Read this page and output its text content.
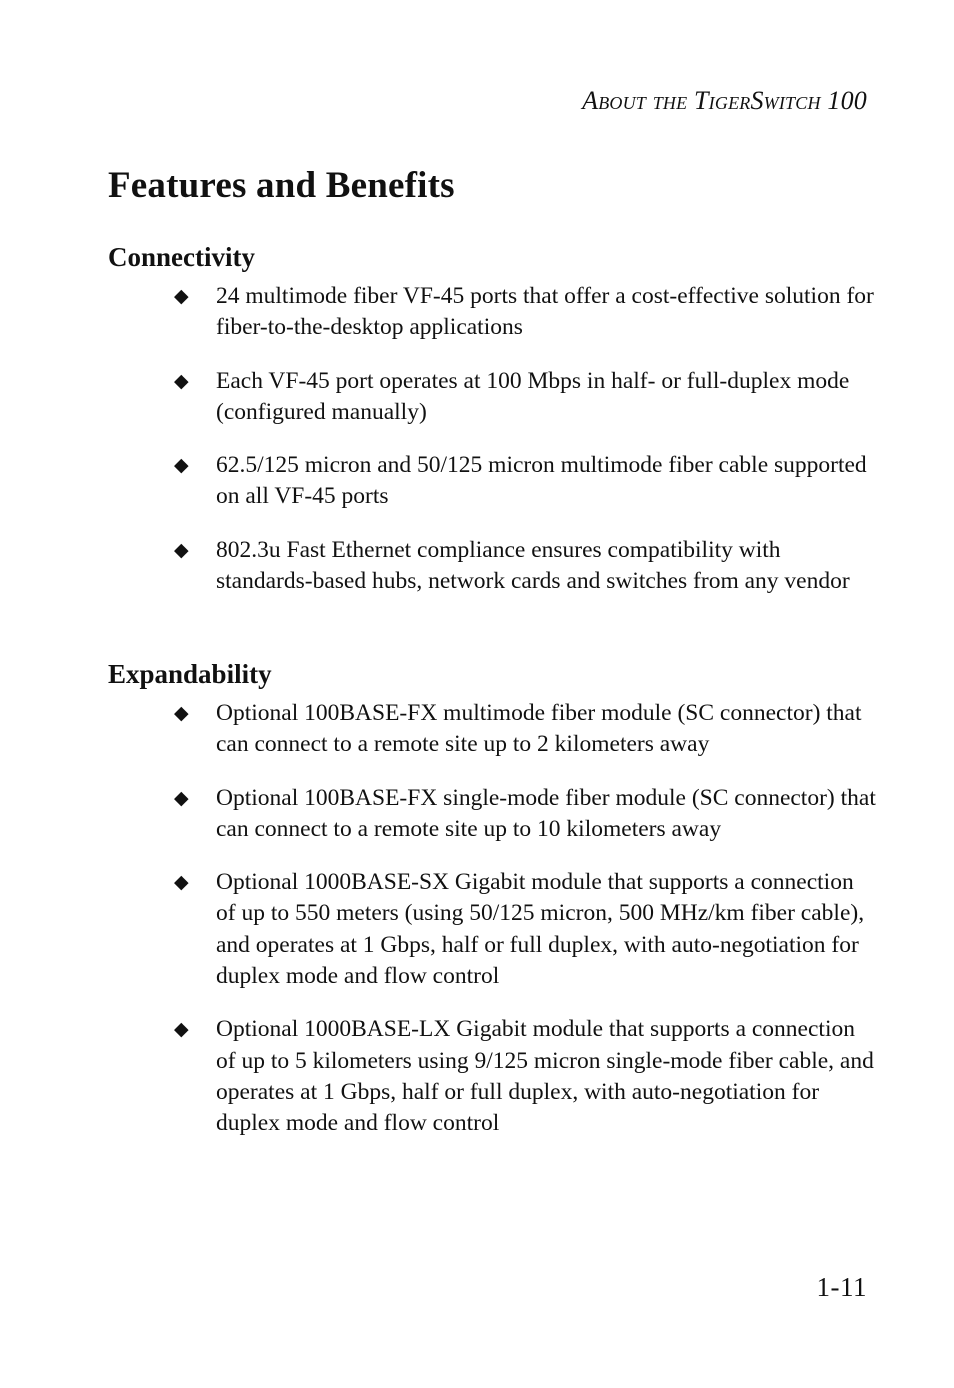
About the TigerSwitch 100
Features and Benefits
Connectivity
◆ 24 multimode fiber VF-45 ports that offer a cost-effective solution for fiber-to-the-desktop applications
◆ Each VF-45 port operates at 100 Mbps in half- or full-duplex mode (configured manually)
◆ 62.5/125 micron and 50/125 micron multimode fiber cable supported on all VF-45 ports
◆ 802.3u Fast Ethernet compliance ensures compatibility with standards-based hubs, network cards and switches from any vendor
Expandability
◆ Optional 100BASE-FX multimode fiber module (SC connector) that can connect to a remote site up to 2 kilometers away
◆ Optional 100BASE-FX single-mode fiber module (SC connector) that can connect to a remote site up to 10 kilometers away
◆ Optional 1000BASE-SX Gigabit module that supports a connection of up to 550 meters (using 50/125 micron, 500 MHz/km fiber cable), and operates at 1 Gbps, half or full duplex, with auto-negotiation for duplex mode and flow control
◆ Optional 1000BASE-LX Gigabit module that supports a connection of up to 5 kilometers using 9/125 micron single-mode fiber cable, and operates at 1 Gbps, half or full duplex, with auto-negotiation for duplex mode and flow control
1-11
